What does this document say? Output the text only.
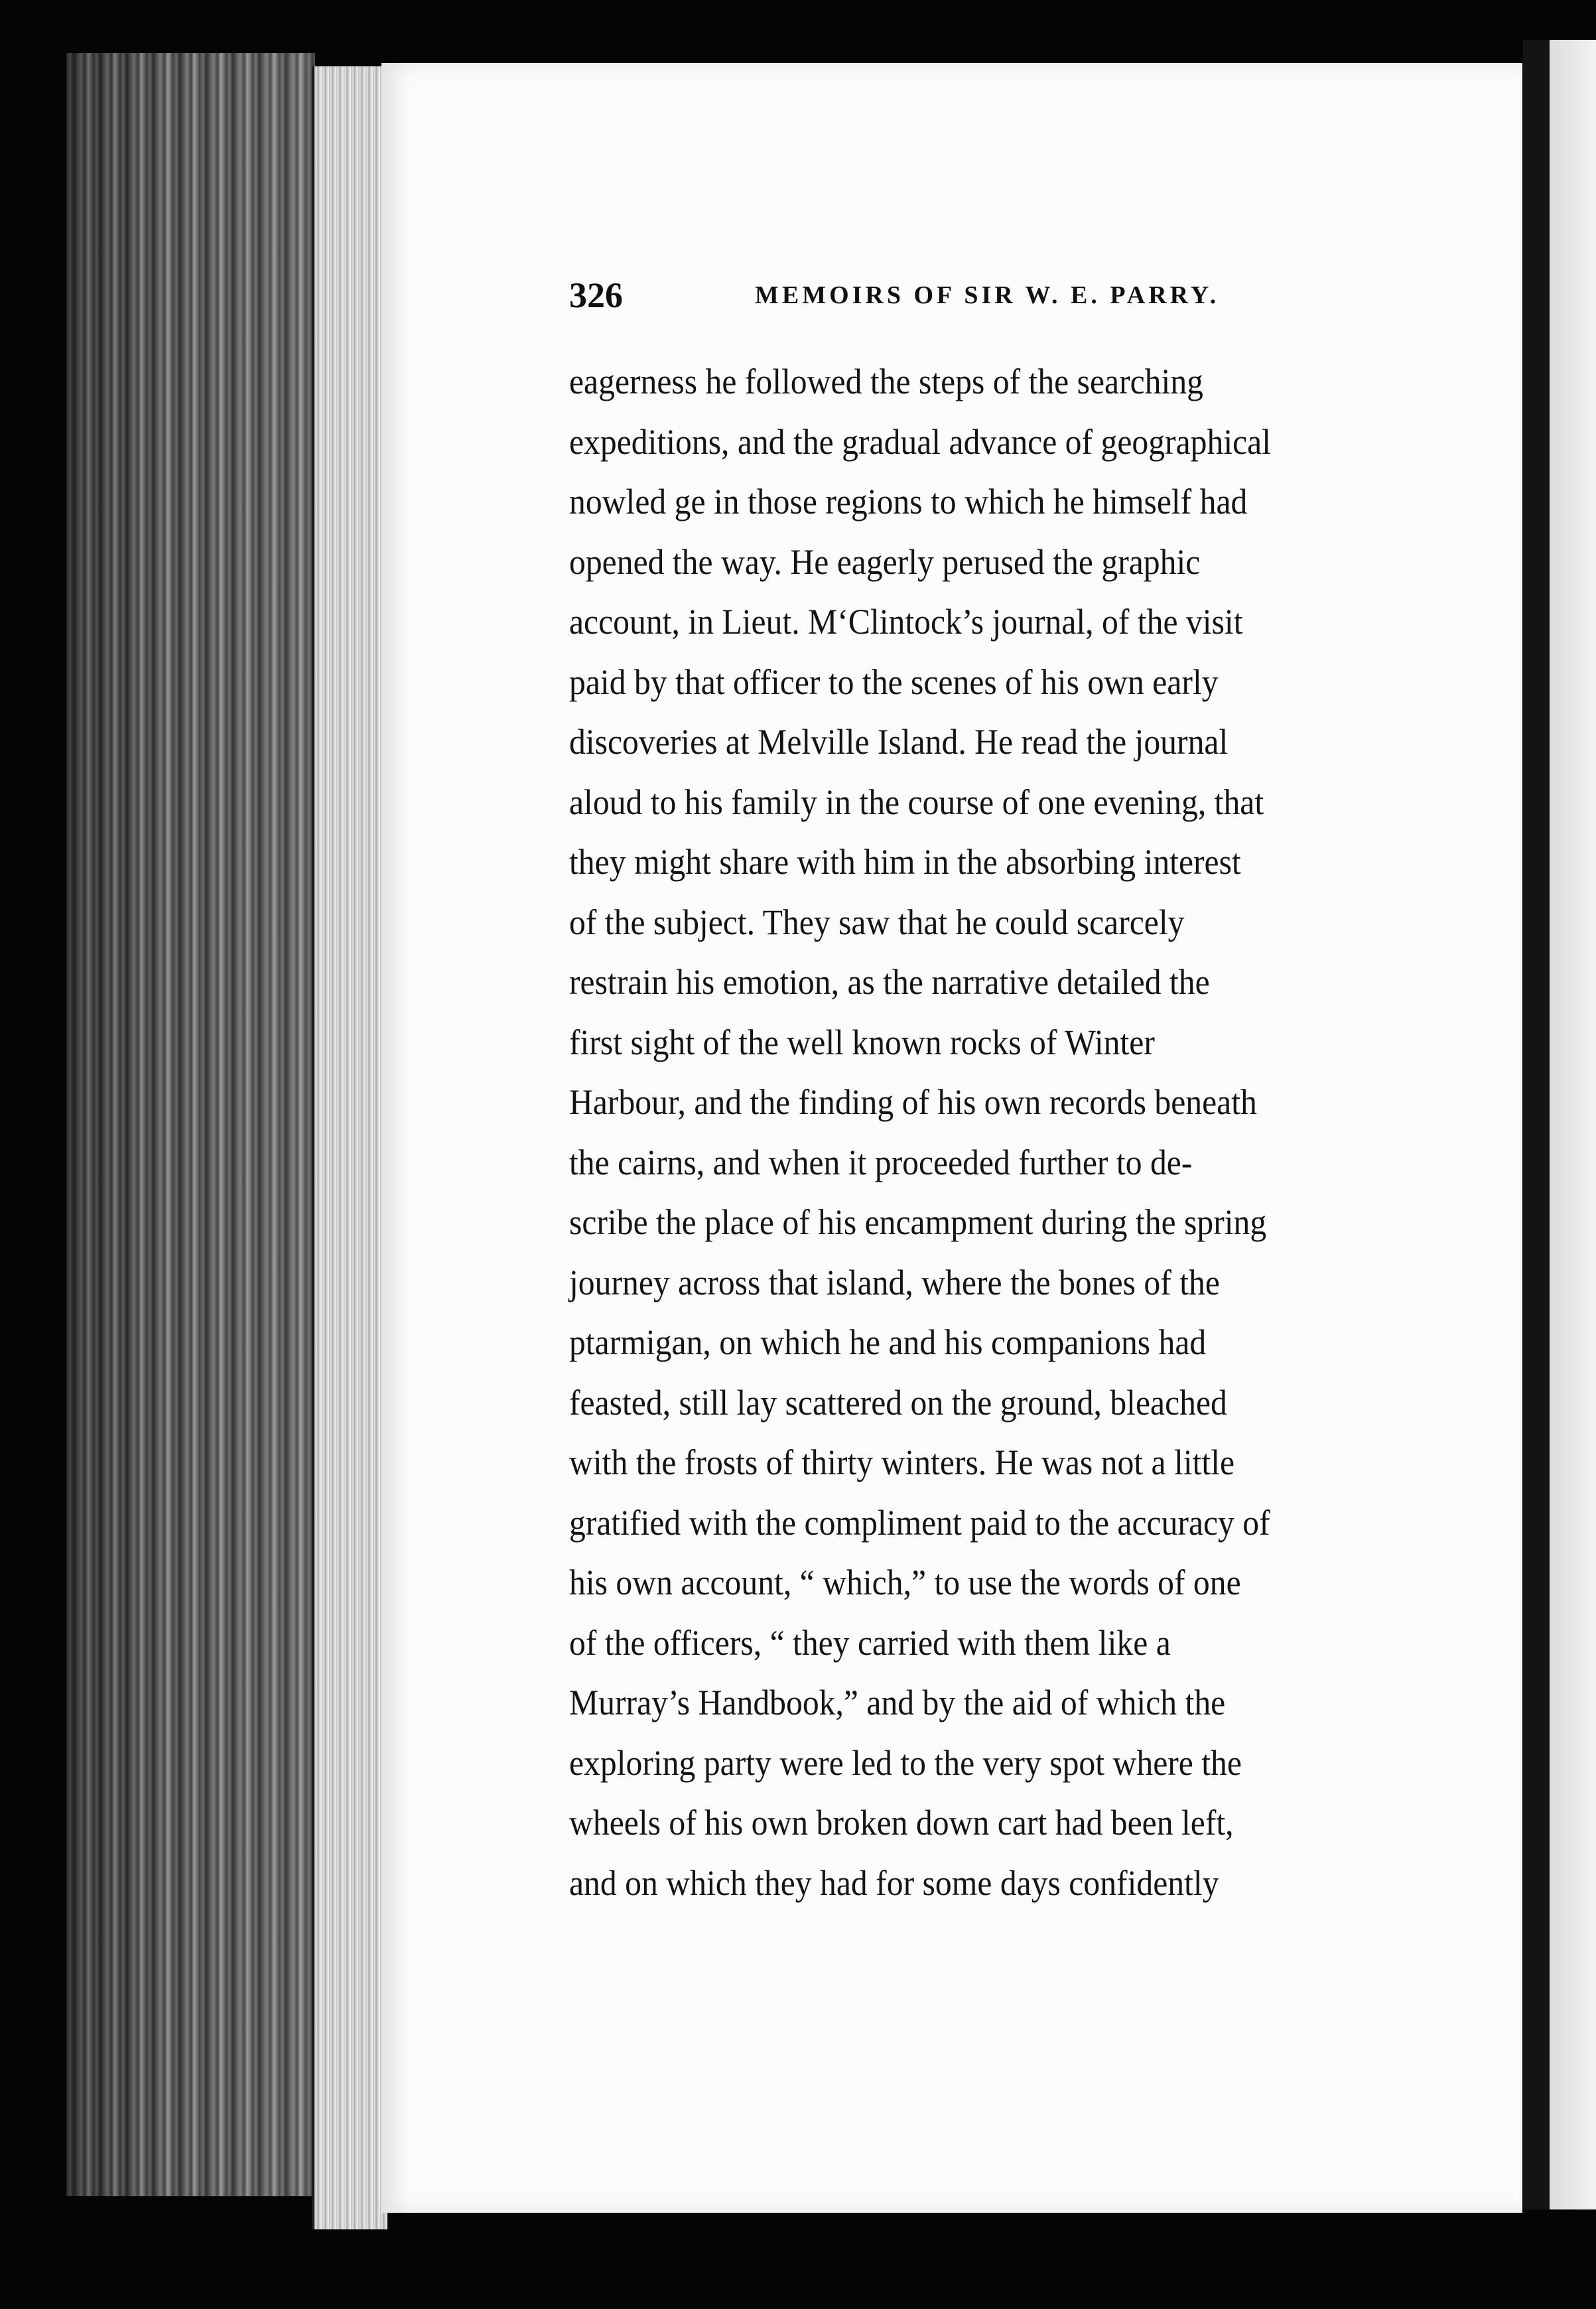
326	MEMOIRS OF SIR W. E. PARRY.
eagerness he followed the steps of the searching
expeditions, and the gradual advance of geographical
nowled ge in those regions to which he himself had
opened the way. He eagerly perused the graphic
account, in Lieut. M‘Clintock’s journal, of the visit
paid by that officer to the scenes of his own early
discoveries at Melville Island. He read the journal
aloud to his family in the course of one evening, that
they might share with him in the absorbing interest
of the subject. They saw that he could scarcely
restrain his emotion, as the narrative detailed the
first sight of the well known rocks of Winter
Harbour, and the finding of his own records beneath
the cairns, and when it proceeded further to de-
scribe the place of his encampment during the spring
journey across that island, where the bones of the
ptarmigan, on which he and his companions had
feasted, still lay scattered on the ground, bleached
with the frosts of thirty winters. He was not a little
gratified with the compliment paid to the accuracy of
his own account, “ which,” to use the words of one
of the officers, “ they carried with them like a
Murray’s Handbook,” and by the aid of which the
exploring party were led to the very spot where the
wheels of his own broken down cart had been left,
and on which they had for some days confidently
